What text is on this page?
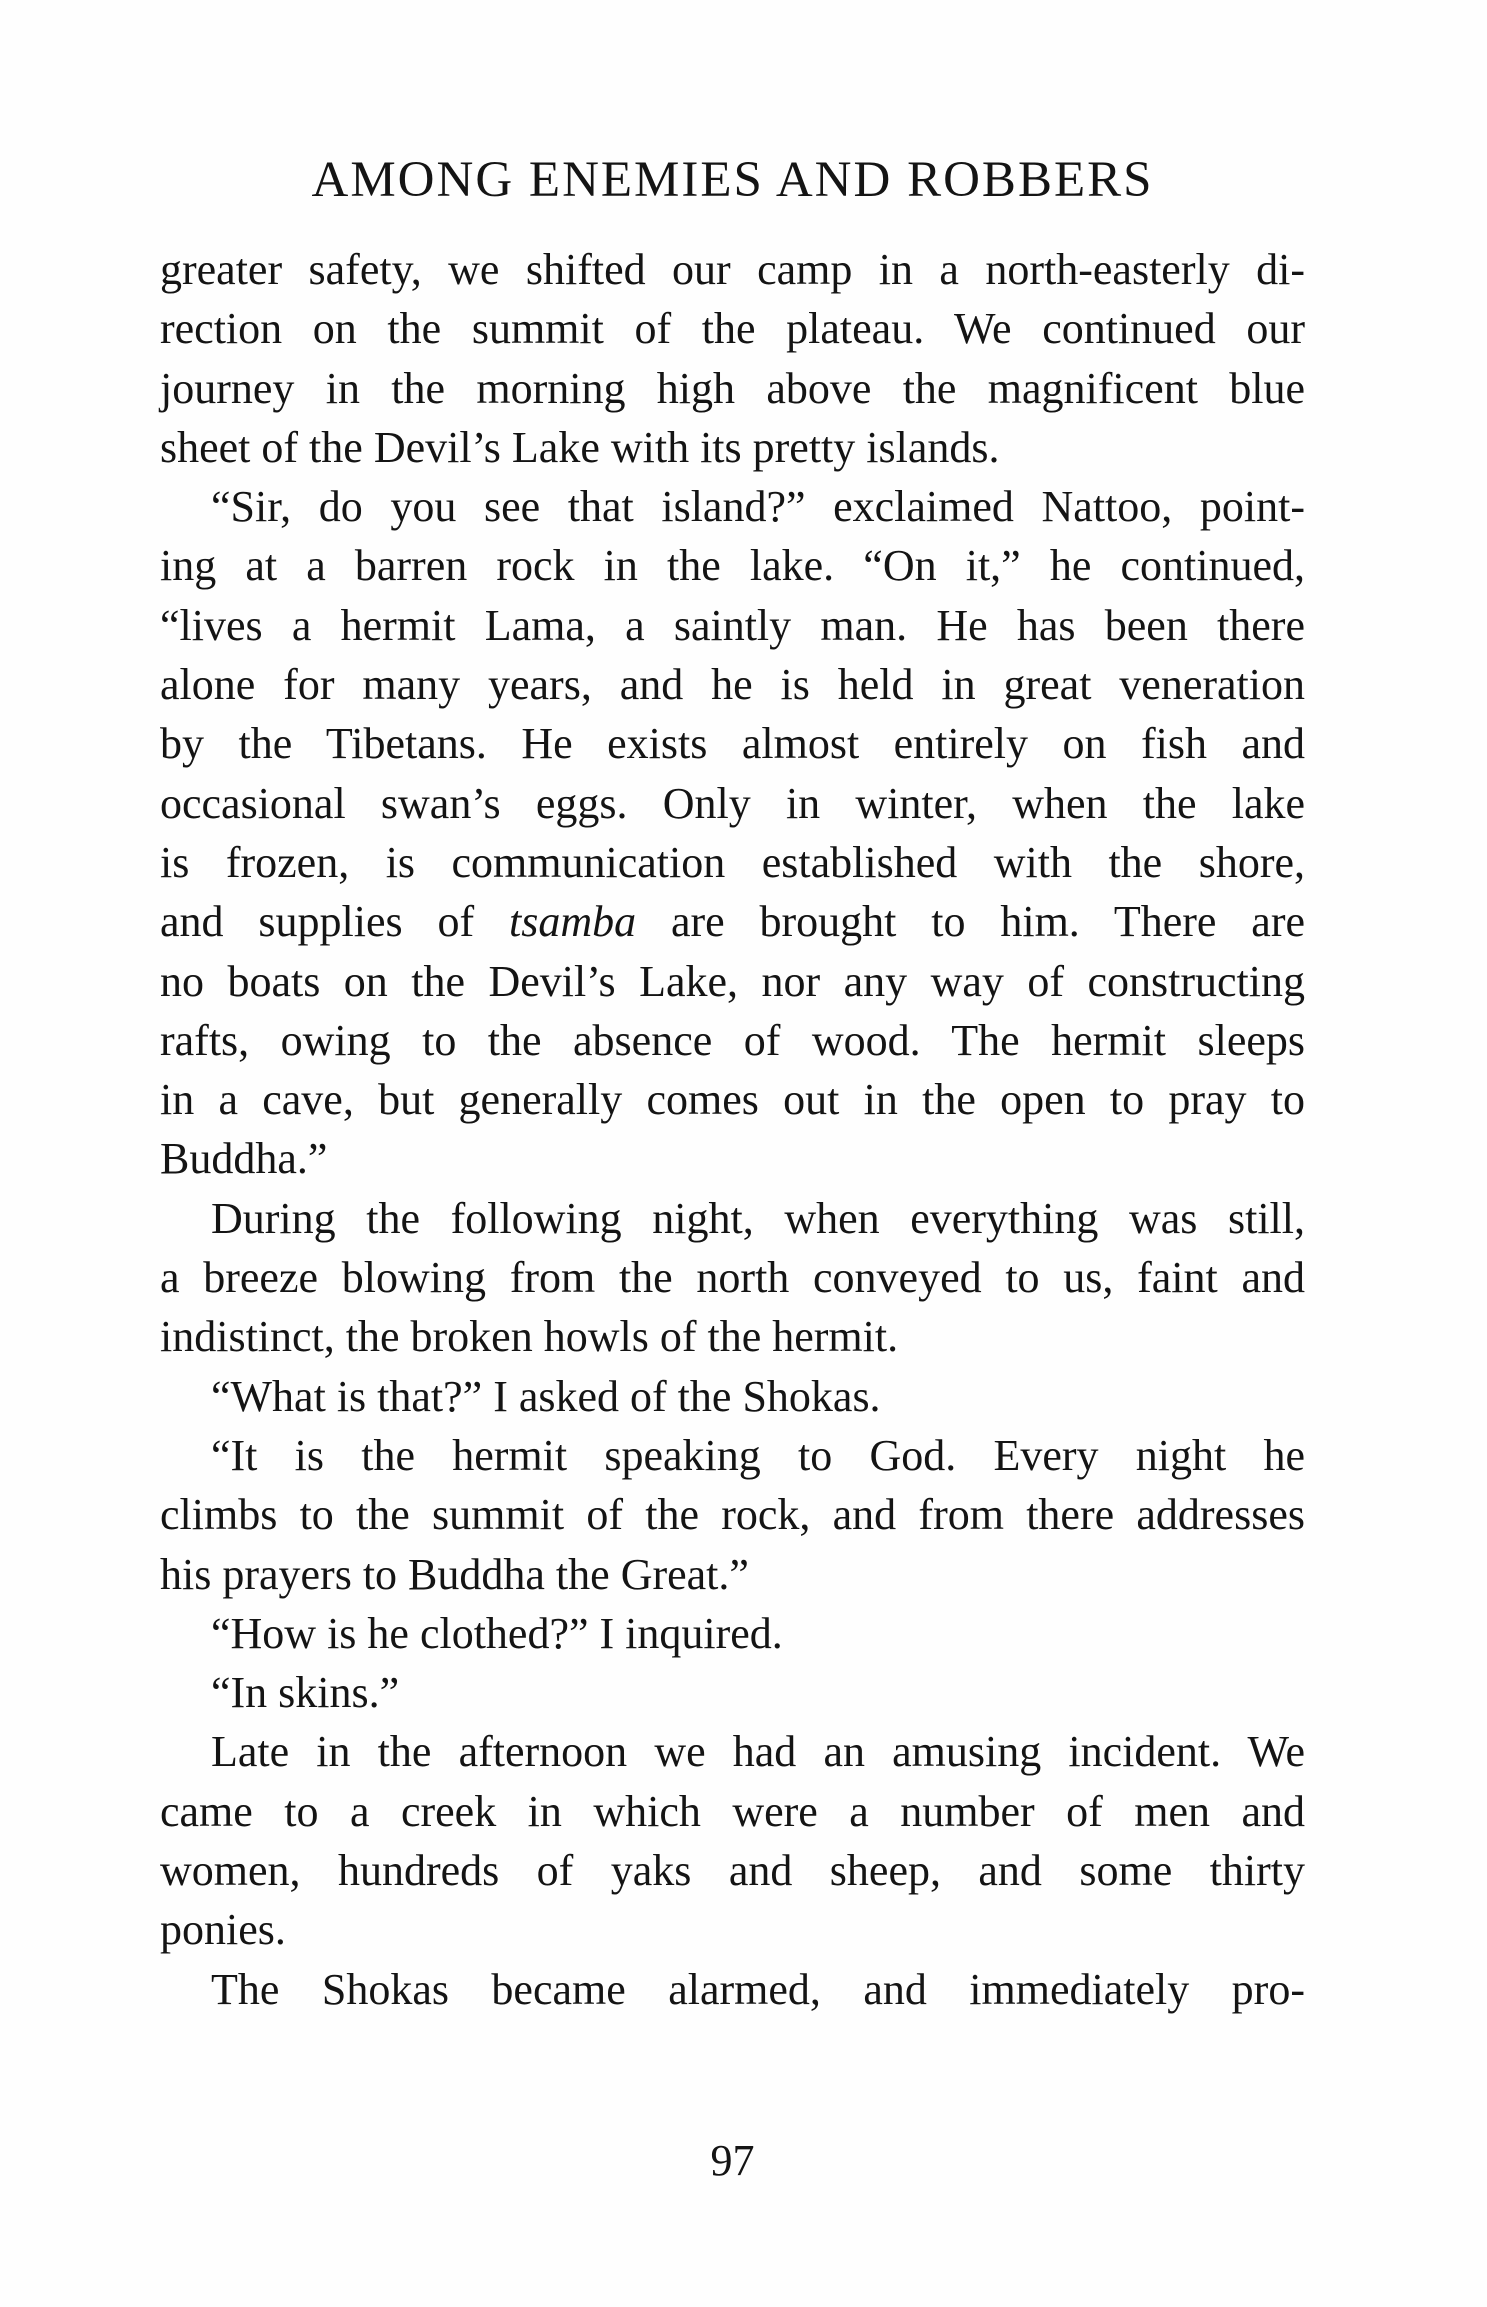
AMONG ENEMIES AND ROBBERS
greater safety, we shifted our camp in a north-easterly di-
rection on the summit of the plateau. We continued our
journey in the morning high above the magnificent blue
sheet of the Devil’s Lake with its pretty islands.
“Sir, do you see that island?” exclaimed Nattoo, point-
ing at a barren rock in the lake. “On it,” he continued,
“lives a hermit Lama, a saintly man. He has been there
alone for many years, and he is held in great veneration
by the Tibetans. He exists almost entirely on fish and
occasional swan’s eggs. Only in winter, when the lake
is frozen, is communication established with the shore,
and supplies of tsamba are brought to him. There are
no boats on the Devil’s Lake, nor any way of constructing
rafts, owing to the absence of wood. The hermit sleeps
in a cave, but generally comes out in the open to pray to
Buddha.”
During the following night, when everything was still,
a breeze blowing from the north conveyed to us, faint and
indistinct, the broken howls of the hermit.
“What is that?” I asked of the Shokas.
“It is the hermit speaking to God. Every night he
climbs to the summit of the rock, and from there addresses
his prayers to Buddha the Great.”
“How is he clothed?” I inquired.
“In skins.”
Late in the afternoon we had an amusing incident. We
came to a creek in which were a number of men and
women, hundreds of yaks and sheep, and some thirty
ponies.
The Shokas became alarmed, and immediately pro-
97
